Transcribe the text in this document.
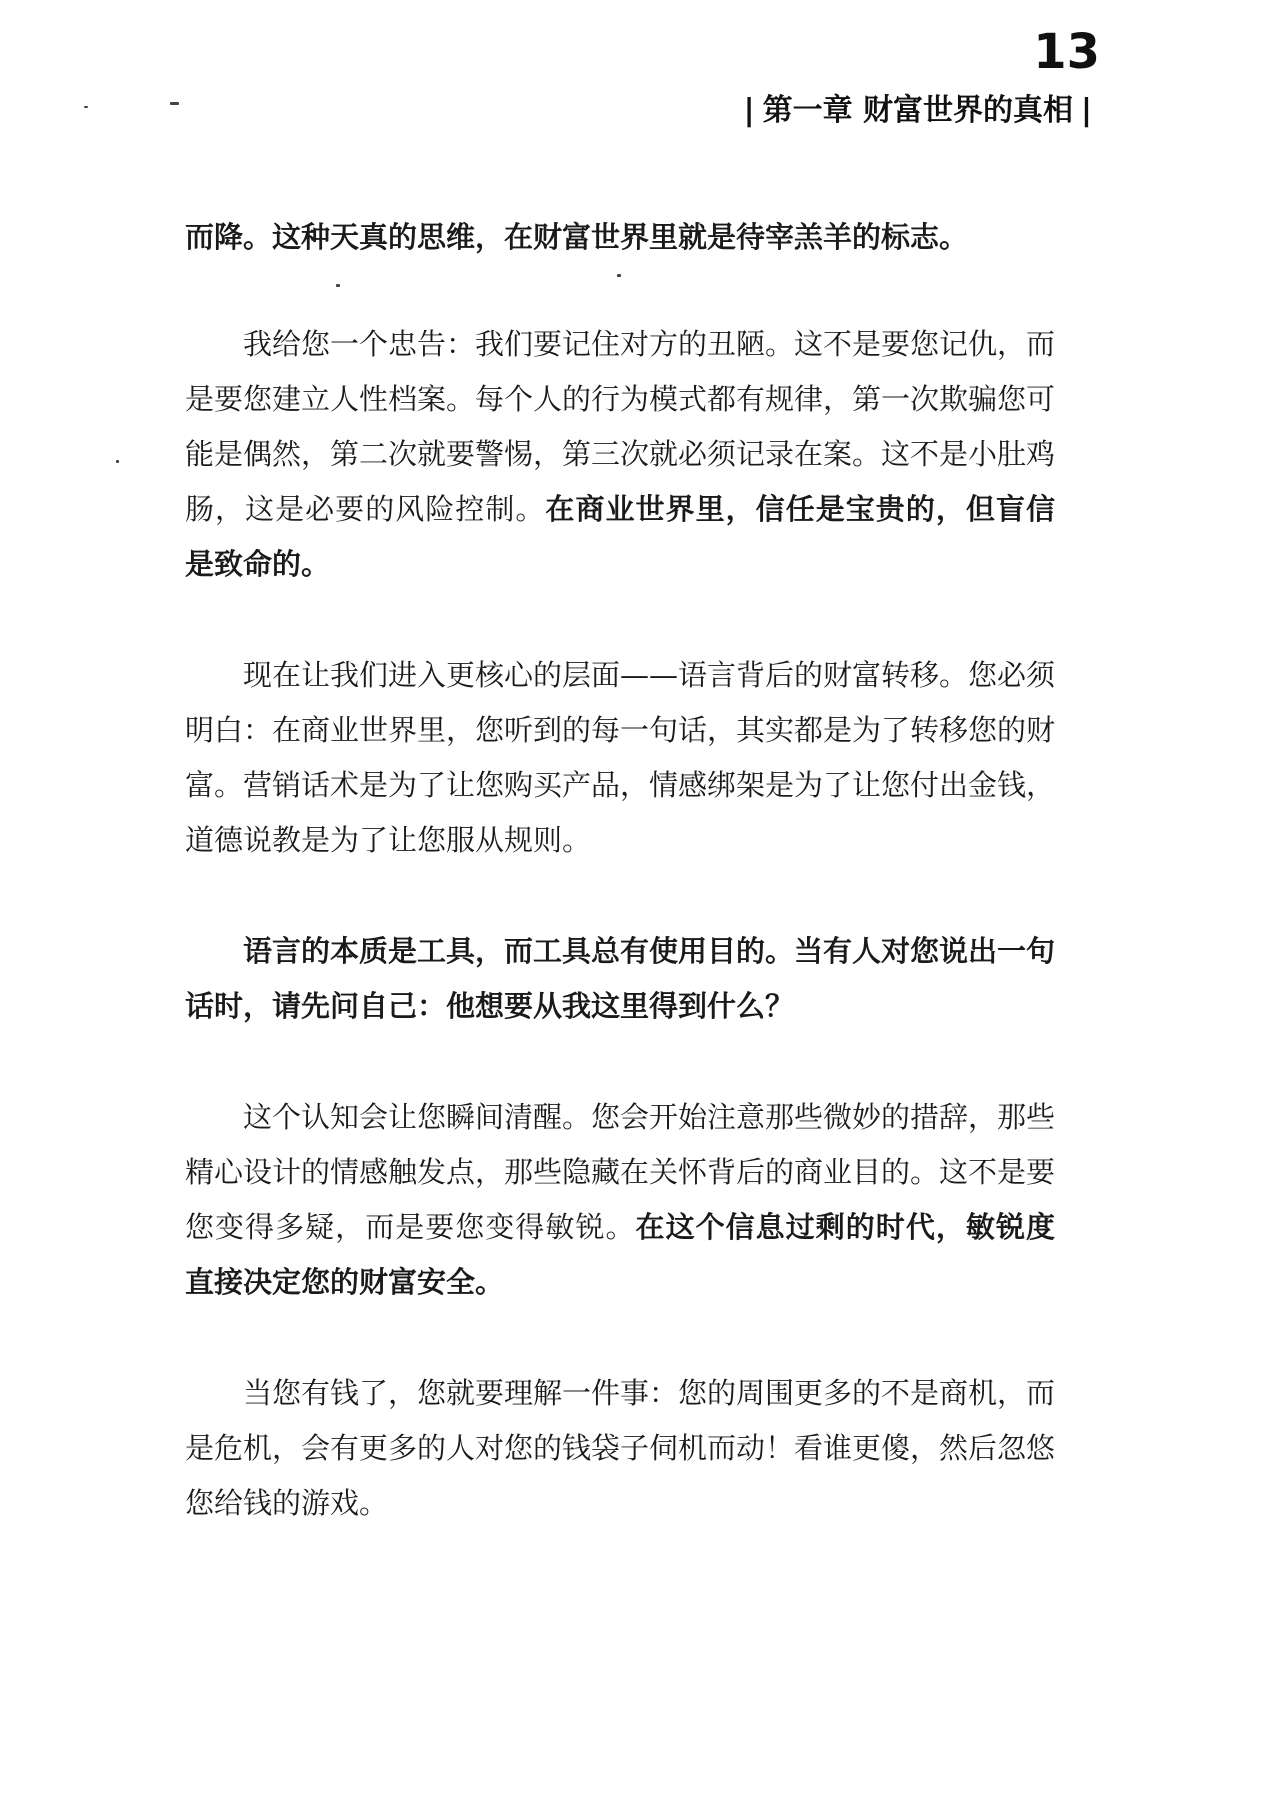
13
| 第一章 财富世界的真相 |

而降。这种天真的思维，在财富世界里就是待宰羔羊的标志。

我给您一个忠告：我们要记住对方的丑陋。这不是要您记仇，而是要您建立人性档案。每个人的行为模式都有规律，第一次欺骗您可能是偶然，第二次就要警惕，第三次就必须记录在案。这不是小肚鸡肠，这是必要的风险控制。在商业世界里，信任是宝贵的，但盲信是致命的。

现在让我们进入更核心的层面——语言背后的财富转移。您必须明白：在商业世界里，您听到的每一句话，其实都是为了转移您的财富。营销话术是为了让您购买产品，情感绑架是为了让您付出金钱，道德说教是为了让您服从规则。

语言的本质是工具，而工具总有使用目的。当有人对您说出一句话时，请先问自己：他想要从我这里得到什么？

这个认知会让您瞬间清醒。您会开始注意那些微妙的措辞，那些精心设计的情感触发点，那些隐藏在关怀背后的商业目的。这不是要您变得多疑，而是要您变得敏锐。在这个信息过剩的时代，敏锐度直接决定您的财富安全。

当您有钱了，您就要理解一件事：您的周围更多的不是商机，而是危机，会有更多的人对您的钱袋子伺机而动！看谁更傻，然后忽悠您给钱的游戏。
